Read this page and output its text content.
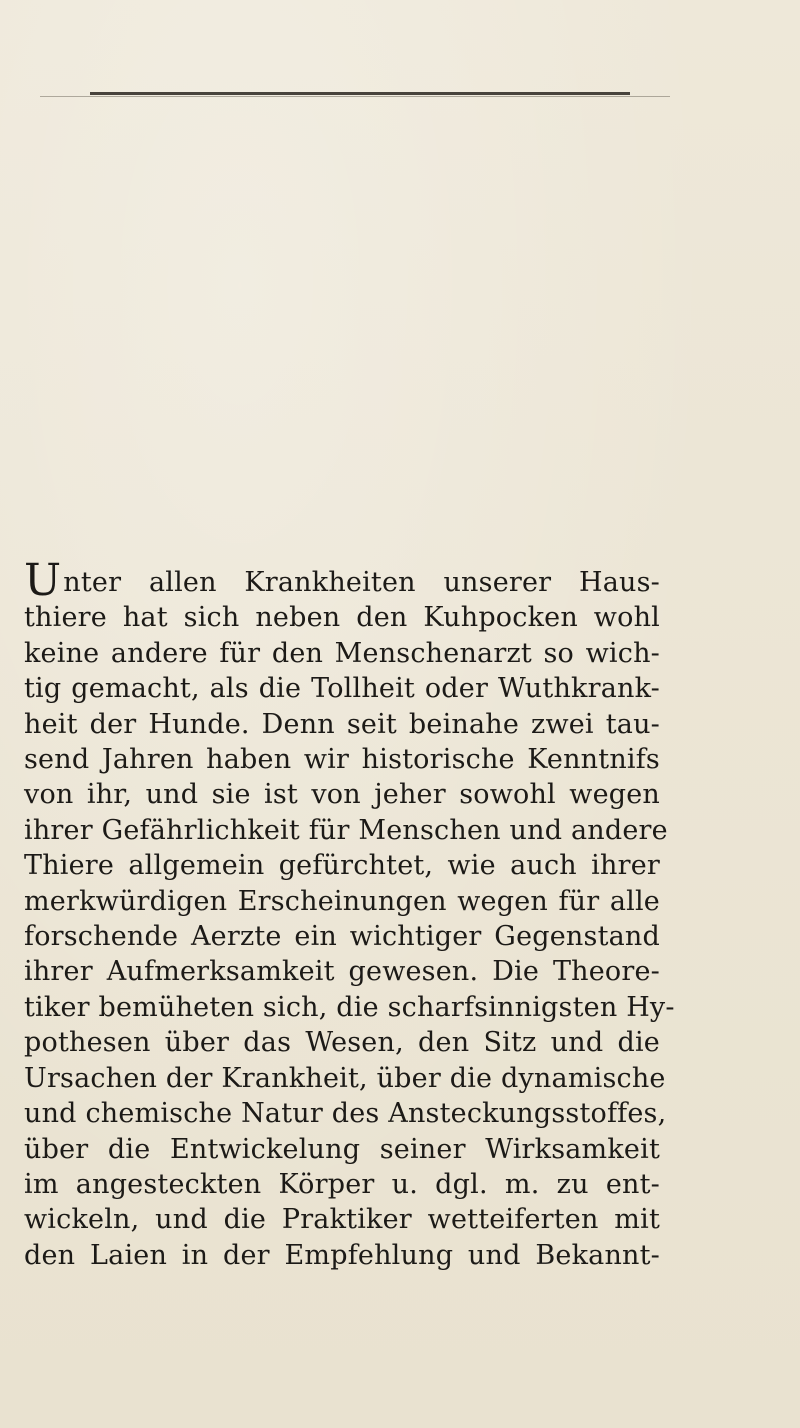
Unter allen Krankheiten unserer Haus-
thiere hat sich neben den Kuhpocken wohl
keine andere für den Menschenarzt so wich-
tig gemacht, als die Tollheit oder Wuthkrank-
heit der Hunde. Denn seit beinahe zwei tau-
send Jahren haben wir historische Kenntnifs
von ihr, und sie ist von jeher sowohl wegen
ihrer Gefährlichkeit für Menschen und andere
Thiere allgemein gefürchtet, wie auch ihrer
merkwürdigen Erscheinungen wegen für alle
forschende Aerzte ein wichtiger Gegenstand
ihrer Aufmerksamkeit gewesen. Die Theore-
tiker bemüheten sich, die scharfsinnigsten Hy-
pothesen über das Wesen, den Sitz und die
Ursachen der Krankheit, über die dynamische
und chemische Natur des Ansteckungsstoffes,
über die Entwickelung seiner Wirksamkeit
im angesteckten Körper u. dgl. m. zu ent-
wickeln, und die Praktiker wetteiferten mit
den Laien in der Empfehlung und Bekannt-
